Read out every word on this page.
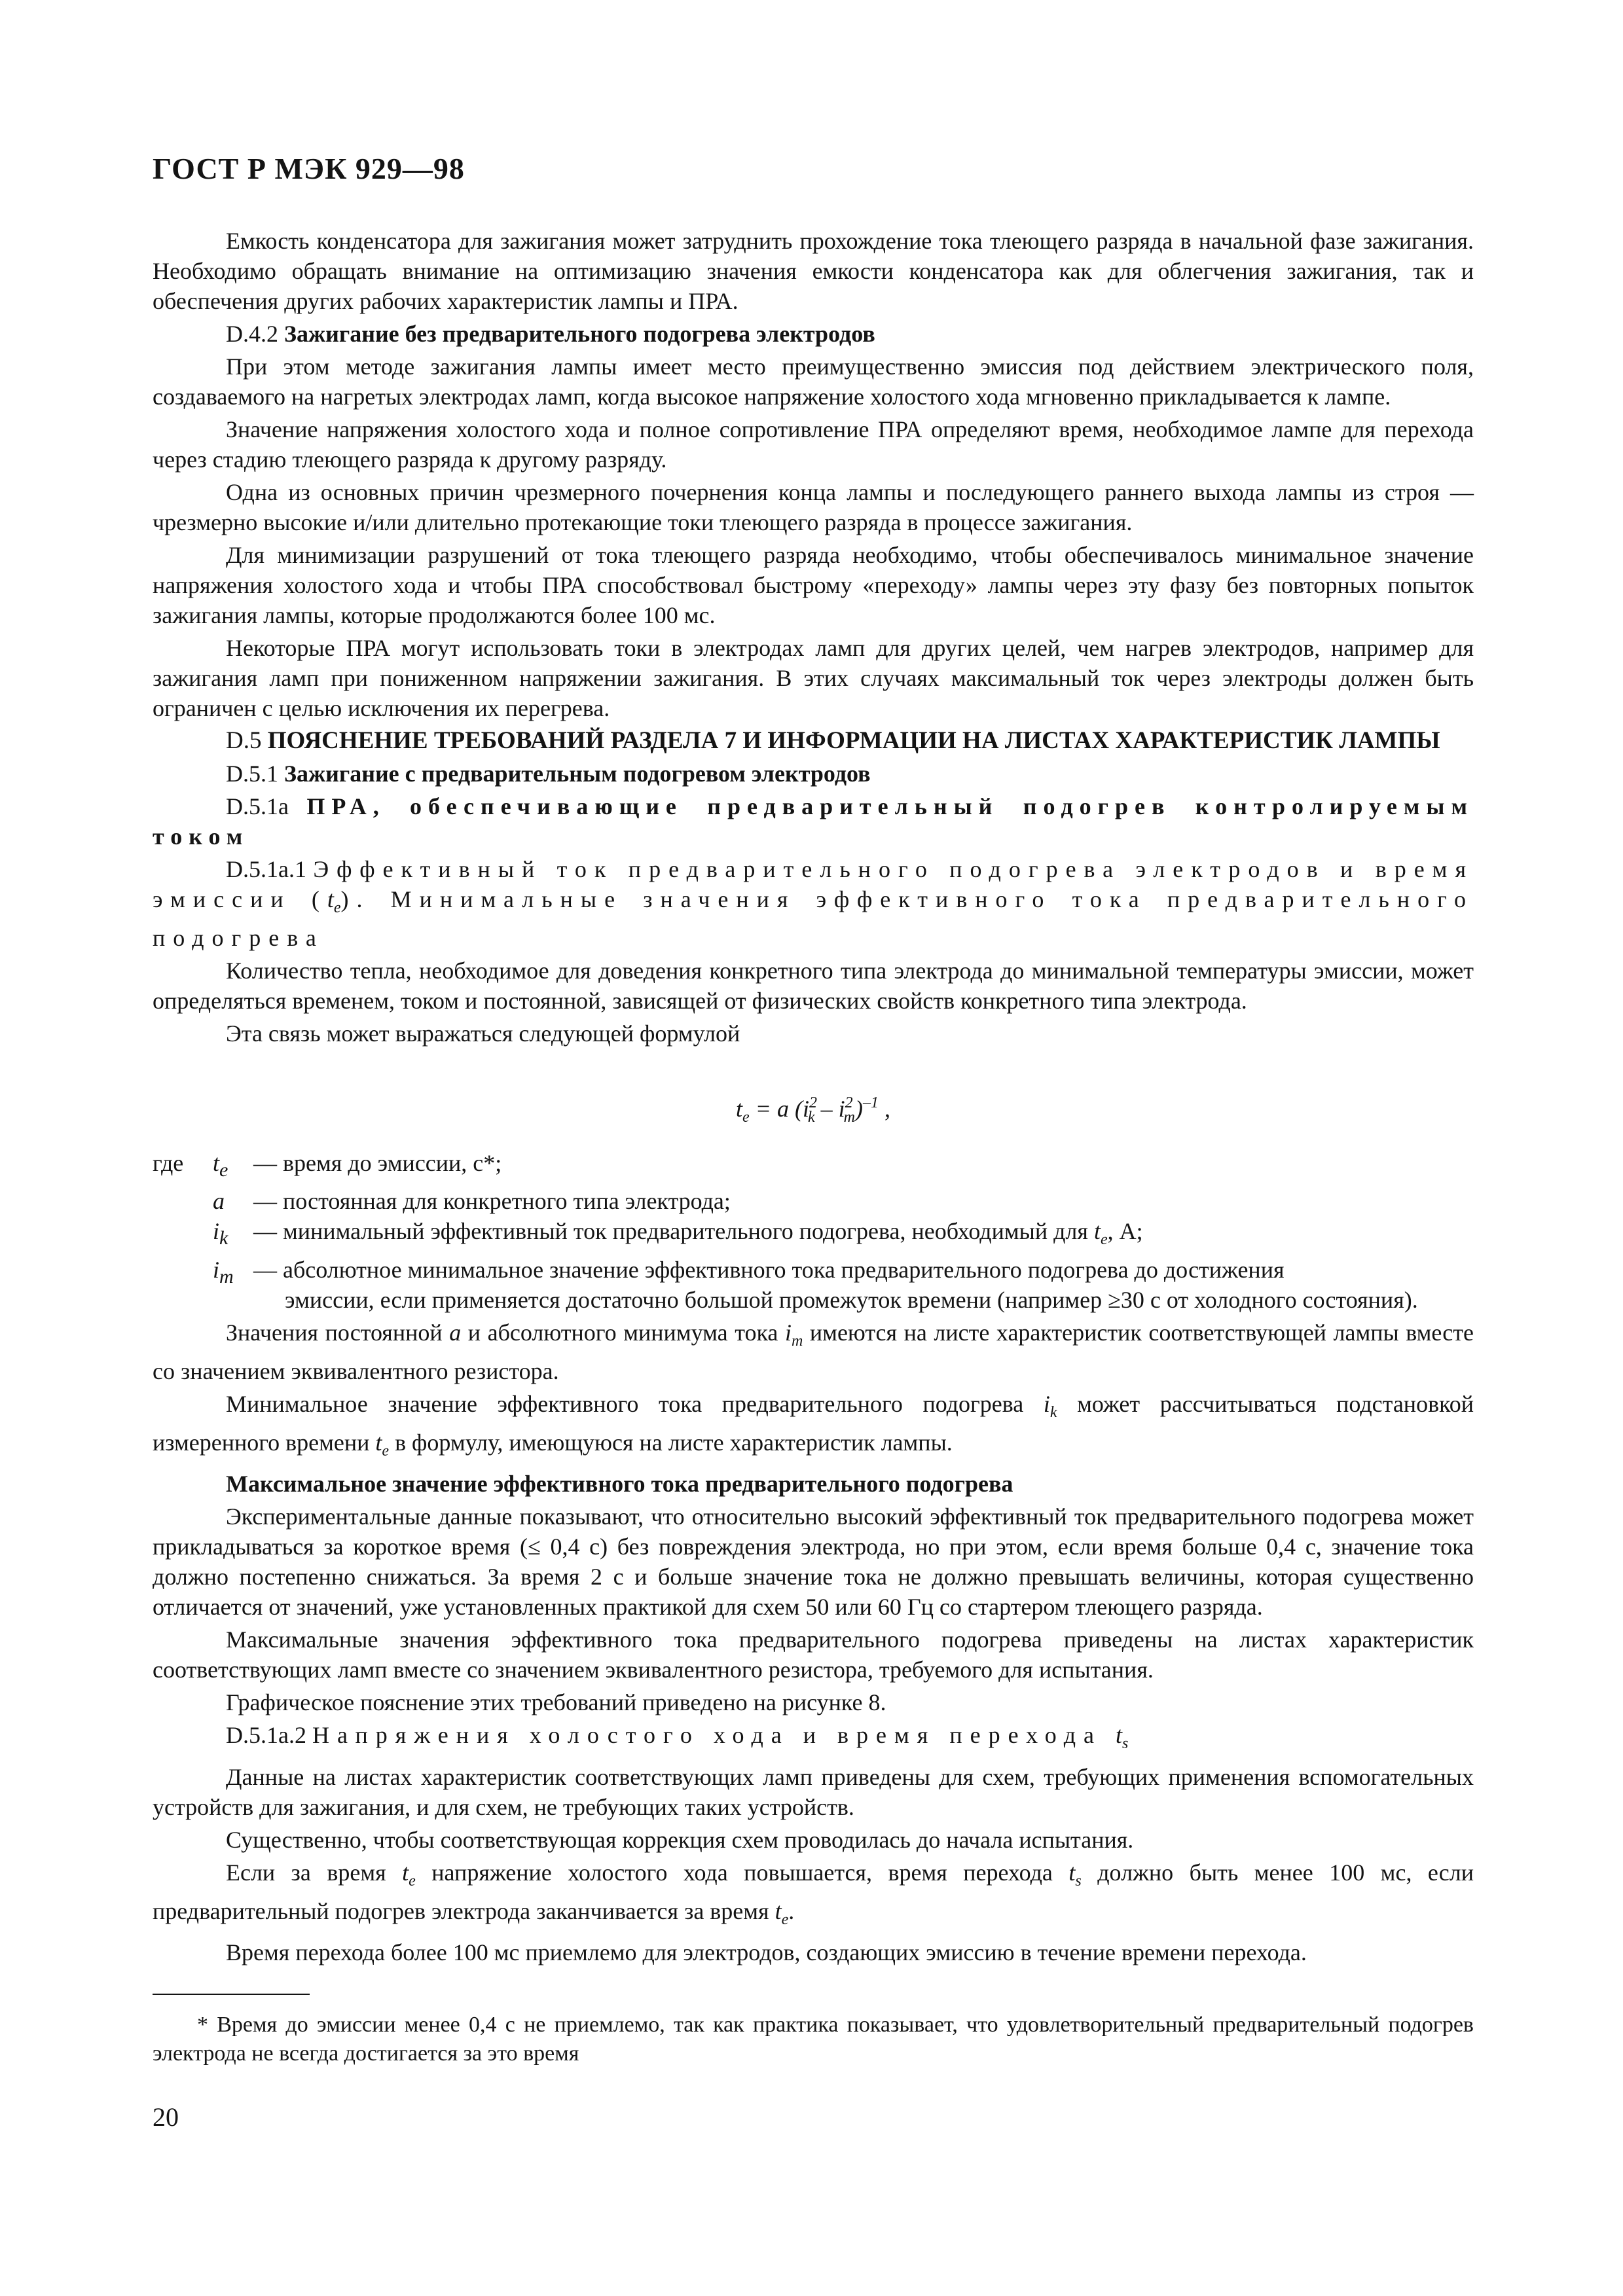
ГОСТ Р МЭК 929—98

Емкость конденсатора для зажигания может затруднить прохождение тока тлеющего разряда в начальной фазе зажигания. Необходимо обращать внимание на оптимизацию значения емкости конденсатора как для облегчения зажигания, так и обеспечения других рабочих характеристик лампы и ПРА.

D.4.2 Зажигание без предварительного подогрева электродов

При этом методе зажигания лампы имеет место преимущественно эмиссия под действием электрического поля, создаваемого на нагретых электродах ламп, когда высокое напряжение холостого хода мгновенно прикладывается к лампе.

Значение напряжения холостого хода и полное сопротивление ПРА определяют время, необходимое лампе для перехода через стадию тлеющего разряда к другому разряду.

Одна из основных причин чрезмерного почернения конца лампы и последующего раннего выхода лампы из строя — чрезмерно высокие и/или длительно протекающие токи тлеющего разряда в процессе зажигания.

Для минимизации разрушений от тока тлеющего разряда необходимо, чтобы обеспечивалось минимальное значение напряжения холостого хода и чтобы ПРА способствовал быстрому «переходу» лампы через эту фазу без повторных попыток зажигания лампы, которые продолжаются более 100 мс.

Некоторые ПРА могут использовать токи в электродах ламп для других целей, чем нагрев электродов, например для зажигания ламп при пониженном напряжении зажигания. В этих случаях максимальный ток через электроды должен быть ограничен с целью исключения их перегрева.

D.5 ПОЯСНЕНИЕ ТРЕБОВАНИЙ РАЗДЕЛА 7 И ИНФОРМАЦИИ НА ЛИСТАХ ХАРАКТЕРИСТИК ЛАМПЫ
D.5.1 Зажигание с предварительным подогревом электродов
D.5.1a ПРА, обеспечивающие предварительный подогрев контролируемым током
D.5.1a.1 Эффективный ток предварительного подогрева электродов и время эмиссии $(t_e)$. Минимальные значения эффективного тока предварительного подогрева

Количество тепла, необходимое для доведения конкретного типа электрода до минимальной температуры эмиссии, может определяться временем, током и постоянной, зависящей от физических свойств конкретного типа электрода.

Эта связь может выражаться следующей формулой

$t_e = a$ $(i^2_k - i^2_m)^{-1}$ ,
где	$t_e$	— время до эмиссии, с*;
a	— постоянная для конкретного типа электрода;
$i_k$	— минимальный эффективный ток предварительного подогрева, необходимый для $t_e$, А;
$i_m$ — абсолютное минимальное значение эффективного тока предварительного подогрева до достижения
эмиссии, если применяется достаточно большой промежуток времени (например ≥30 с от холодного состояния).

Значения постоянной a и абсолютного минимума тока $i_m$ имеются на листе характеристик соответствующей лампы вместе со значением эквивалентного резистора.

Минимальное значение эффективного тока предварительного подогрева $i_k$ может рассчитываться подстановкой измеренного времени $t_e$ в формулу, имеющуюся на листе характеристик лампы.

Максимальное значение эффективного тока предварительного подогрева

Экспериментальные данные показывают, что относительно высокий эффективный ток предварительного подогрева может прикладываться за короткое время (≤ 0,4 с) без повреждения электрода, но при этом, если время больше 0,4 с, значение тока должно постепенно снижаться. За время 2 с и больше значение тока не должно превышать величины, которая существенно отличается от значений, уже установленных практикой для схем 50 или 60 Гц со стартером тлеющего разряда.

Максимальные значения эффективного тока предварительного подогрева приведены на листах характеристик соответствующих ламп вместе со значением эквивалентного резистора, требуемого для испытания.

Графическое пояснение этих требований приведено на рисунке 8.

D.5.1a.2 Напряжения холостого хода и время перехода $t_s$

Данные на листах характеристик соответствующих ламп приведены для схем, требующих применения вспомогательных устройств для зажигания, и для схем, не требующих таких устройств.

Существенно, чтобы соответствующая коррекция схем проводилась до начала испытания.

Если за время $t_e$ напряжение холостого хода повышается, время перехода $t_s$ должно быть менее 100 мс, если предварительный подогрев электрода заканчивается за время $t_e$.

Время перехода более 100 мс приемлемо для электродов, создающих эмиссию в течение времени перехода.

* Время до эмиссии менее 0,4 с не приемлемо, так как практика показывает, что удовлетворительный предварительный подогрев электрода не всегда достигается за это время

20
